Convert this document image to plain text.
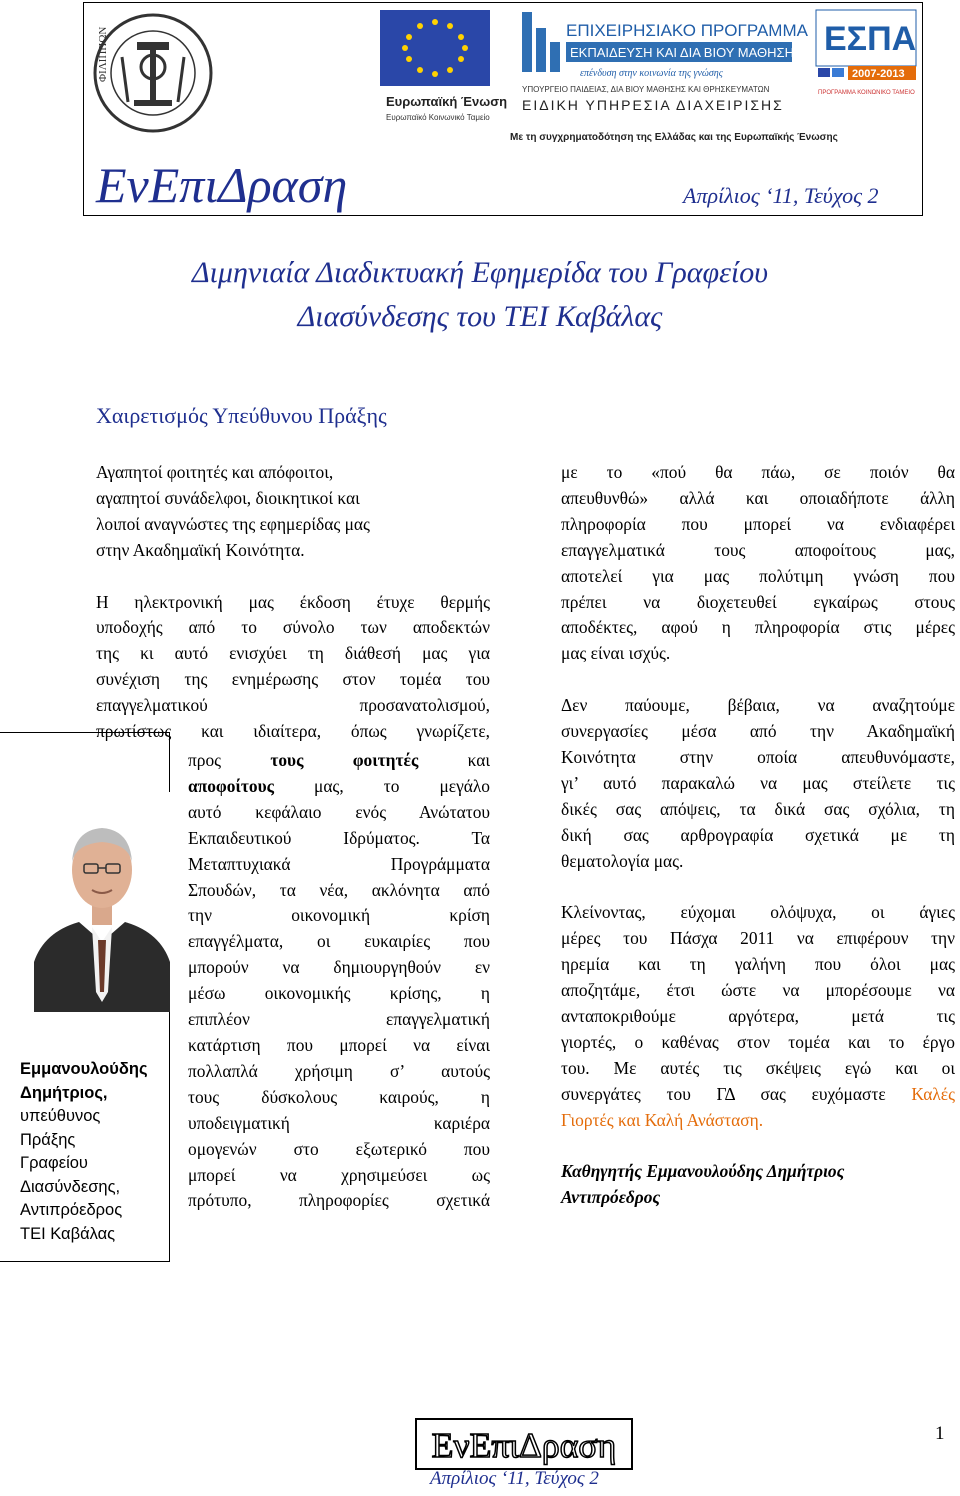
ΦΙΛΙΠΠΩΝ
Ευρωπαϊκή Ένωση
Ευρωπαϊκό Κοινωνικό Ταμείο
ΕΠΙΧΕΙΡΗΣΙΑΚΟ ΠΡΟΓΡΑΜΜΑ
ΕΚΠΑΙΔΕΥΣΗ ΚΑΙ ΔΙΑ ΒΙΟΥ ΜΑΘΗΣΗ
επένδυση στην κοινωνία της γνώσης
ΕΙΔΙΚΗ ΥΠΗΡΕΣΙΑ ΔΙΑΧΕΙΡΙΣΗΣ
ΥΠΟΥΡΓΕΙΟ ΠΑΙΔΕΙΑΣ, ΔΙΑ ΒΙΟΥ ΜΑΘΗΣΗΣ ΚΑΙ ΘΡΗΣΚΕΥΜΑΤΩΝ
ΕΣΠΑ
2007-2013
ΠΡΟΓΡΑΜΜΑ ΚΟΙΝΩΝΙΚΟ ΤΑΜΕΙΟ
Με τη συγχρηματοδότηση της Ελλάδας και της Ευρωπαϊκής Ένωσης
ΕνΕπιΔραση	Απρίλιος ‘11, Τεύχος 2
Διμηνιαία Διαδικτυακή Εφημερίδα του Γραφείου
Διασύνδεσης του ΤΕΙ Καβάλας
Χαιρετισμός Υπεύθυνου Πράξης
Αγαπητοί φοιτητές και απόφοιτοι,
αγαπητοί συνάδελφοι, διοικητικοί και
λοιποί αναγνώστες της εφημερίδας μας
στην Ακαδημαϊκή Κοινότητα.
Η ηλεκτρονική μας έκδοση έτυχε θερμής
υποδοχής από το σύνολο των αποδεκτών
της κι αυτό ενισχύει τη διάθεσή μας για
συνέχιση της ενημέρωσης στον τομέα του
επαγγελματικού προσανατολισμού,
πρωτίστως και ιδιαίτερα, όπως γνωρίζετε,
προς τους φοιτητές και
αποφοίτους μας, το μεγάλο
αυτό κεφάλαιο ενός Ανώτατου
Εκπαιδευτικού Ιδρύματος. Τα
Μεταπτυχιακά Προγράμματα
Σπουδών, τα νέα, ακλόνητα από
την οικονομική κρίση
επαγγέλματα, οι ευκαιρίες που
μπορούν να δημιουργηθούν εν
μέσω οικονομικής κρίσης, η
επιπλέον επαγγελματική
κατάρτιση που μπορεί να είναι
πολλαπλά χρήσιμη σ’ αυτούς
τους δύσκολους καιρούς, η
υποδειγματική καριέρα
ομογενών στο εξωτερικό που
μπορεί να χρησιμεύσει ως
πρότυπο, πληροφορίες σχετικά
Εμμανουλούδης
Δημήτριος,
υπεύθυνος
Πράξης
Γραφείου
Διασύνδεσης,
Αντιπρόεδρος
ΤΕΙ Καβάλας
με το «πού θα πάω, σε ποιόν θα
απευθυνθώ» αλλά και οποιαδήποτε άλλη
πληροφορία που μπορεί να ενδιαφέρει
επαγγελματικά τους αποφοίτους μας,
αποτελεί για μας πολύτιμη γνώση που
πρέπει να διοχετευθεί εγκαίρως στους
αποδέκτες, αφού η πληροφορία στις μέρες
μας είναι ισχύς.
Δεν παύουμε, βέβαια, να αναζητούμε
συνεργασίες μέσα από την Ακαδημαϊκή
Κοινότητα στην οποία απευθυνόμαστε,
γι’ αυτό παρακαλώ να μας στείλετε τις
δικές σας απόψεις, τα δικά σας σχόλια, τη
δική σας αρθρογραφία σχετικά με τη
θεματολογία μας.
Κλείνοντας, εύχομαι ολόψυχα, οι άγιες
μέρες του Πάσχα 2011 να επιφέρουν την
ηρεμία και τη γαλήνη που όλοι μας
αποζητάμε, έτσι ώστε να μπορέσουμε να
ανταποκριθούμε αργότερα, μετά τις
γιορτές, ο καθένας στον τομέα και το έργο
του. Με αυτές τις σκέψεις εγώ και οι
συνεργάτες του ΓΔ σας ευχόμαστε Καλές
Γιορτές και Καλή Ανάσταση.
Καθηγητής Εμμανουλούδης Δημήτριος
Αντιπρόεδρος
ΕνΕπιΔραση
Απρίλιος ‘11, Τεύχος 2
1
